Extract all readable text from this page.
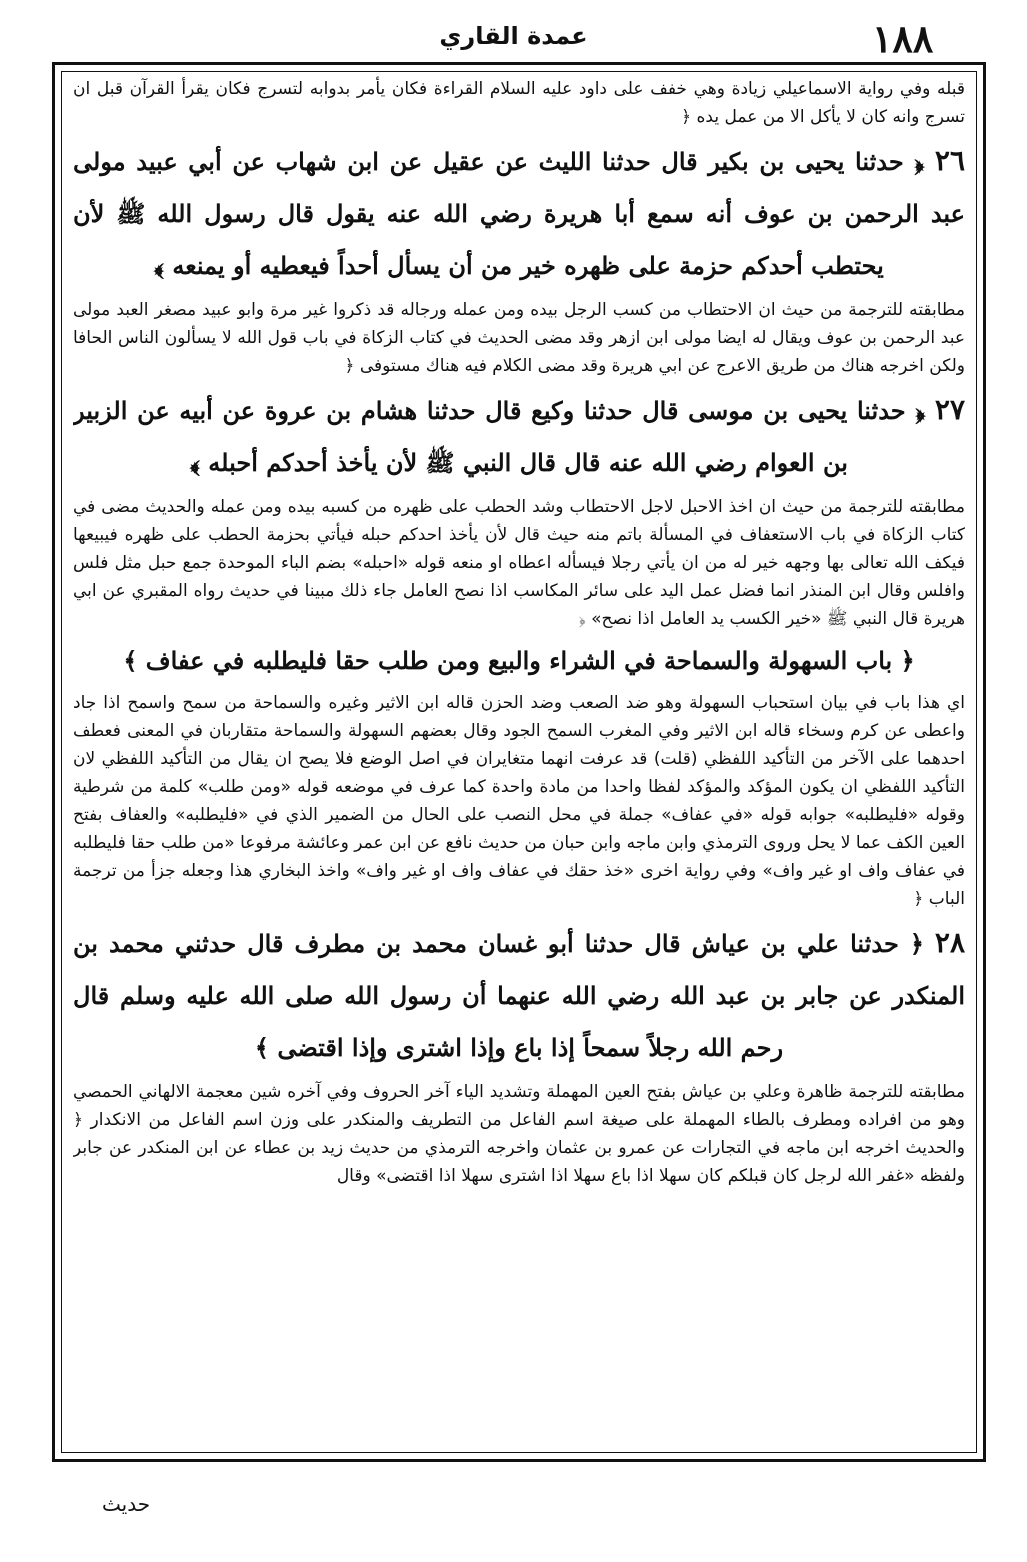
١٨٨
عمدة القاري

قبله وفي رواية الاسماعيلي زيادة وهي خفف على داود عليه السلام القراءة فكان يأمر بدوابه لتسرج فكان يقرأ القرآن قبل ان تسرج وانه كان لا يأكل الا من عمل يده ﴿

٢٦ ﴿ حدثنا يحيى بن بكير قال حدثنا الليث عن عقيل عن ابن شهاب عن أبي عبيد مولى عبد الرحمن بن عوف أنه سمع أبا هريرة رضي الله عنه يقول قال رسول الله ﷺ لأن يحتطب أحدكم حزمة على ظهره خير من أن يسأل أحداً فيعطيه أو يمنعه ﴾

مطابقته للترجمة من حيث ان الاحتطاب من كسب الرجل بيده ومن عمله ورجاله قد ذكروا غير مرة وابو عبيد مصغر العبد مولى عبد الرحمن بن عوف ويقال له ايضا مولى ابن ازهر وقد مضى الحديث في كتاب الزكاة في باب قول الله لا يسألون الناس الحافا ولكن اخرجه هناك من طريق الاعرج عن ابي هريرة وقد مضى الكلام فيه هناك مستوفى ﴿

٢٧ ﴿ حدثنا يحيى بن موسى قال حدثنا وكيع قال حدثنا هشام بن عروة عن أبيه عن الزبير بن العوام رضي الله عنه قال قال النبي ﷺ لأن يأخذ أحدكم أحبله ﴾

مطابقته للترجمة من حيث ان اخذ الاحبل لاجل الاحتطاب وشد الحطب على ظهره من كسبه بيده ومن عمله والحديث مضى في كتاب الزكاة في باب الاستعفاف في المسألة باتم منه حيث قال لأن يأخذ احدكم حبله فيأتي بحزمة الحطب على ظهره فيبيعها فيكف الله تعالى بها وجهه خير له من ان يأتي رجلا فيسأله اعطاه او منعه قوله «احبله» بضم الباء الموحدة جمع حبل مثل فلس وافلس وقال ابن المنذر انما فضل عمل اليد على سائر المكاسب اذا نصح العامل جاء ذلك مبينا في حديث رواه المقبري عن ابي هريرة قال النبي ﷺ «خير الكسب يد العامل اذا نصح» ﴿

﴿ باب السهولة والسماحة في الشراء والبيع ومن طلب حقا فليطلبه في عفاف ﴾

اي هذا باب في بيان استحباب السهولة وهو ضد الصعب وضد الحزن قاله ابن الاثير وغيره والسماحة من سمح واسمح اذا جاد واعطى عن كرم وسخاء قاله ابن الاثير وفي المغرب السمح الجود وقال بعضهم السهولة والسماحة متقاربان في المعنى فعطف احدهما على الآخر من التأكيد اللفظي (قلت) قد عرفت انهما متغايران في اصل الوضع فلا يصح ان يقال من التأكيد اللفظي لان التأكيد اللفظي ان يكون المؤكد والمؤكد لفظا واحدا من مادة واحدة كما عرف في موضعه قوله «ومن طلب» كلمة من شرطية وقوله «فليطلبه» جوابه قوله «في عفاف» جملة في محل النصب على الحال من الضمير الذي في «فليطلبه» والعفاف بفتح العين الكف عما لا يحل وروى الترمذي وابن ماجه وابن حبان من حديث نافع عن ابن عمر وعائشة مرفوعا «من طلب حقا فليطلبه في عفاف واف او غير واف» وفي رواية اخرى «خذ حقك في عفاف واف او غير واف» واخذ البخاري هذا وجعله جزأ من ترجمة الباب ﴿

٢٨ ﴿ حدثنا علي بن عياش قال حدثنا أبو غسان محمد بن مطرف قال حدثني محمد بن المنكدر عن جابر بن عبد الله رضي الله عنهما أن رسول الله صلى الله عليه وسلم قال رحم الله رجلاً سمحاً إذا باع وإذا اشترى وإذا اقتضى ﴾

مطابقته للترجمة ظاهرة وعلي بن عياش بفتح العين المهملة وتشديد الياء آخر الحروف وفي آخره شين معجمة الالهاني الحمصي وهو من افراده ومطرف بالطاء المهملة على صيغة اسم الفاعل من التطريف والمنكدر على وزن اسم الفاعل من الانكدار ﴿ والحديث اخرجه ابن ماجه في التجارات عن عمرو بن عثمان واخرجه الترمذي من حديث زيد بن عطاء عن ابن المنكدر عن جابر ولفظه «غفر الله لرجل كان قبلكم كان سهلا اذا باع سهلا اذا اشترى سهلا اذا اقتضى» وقال

حديث
